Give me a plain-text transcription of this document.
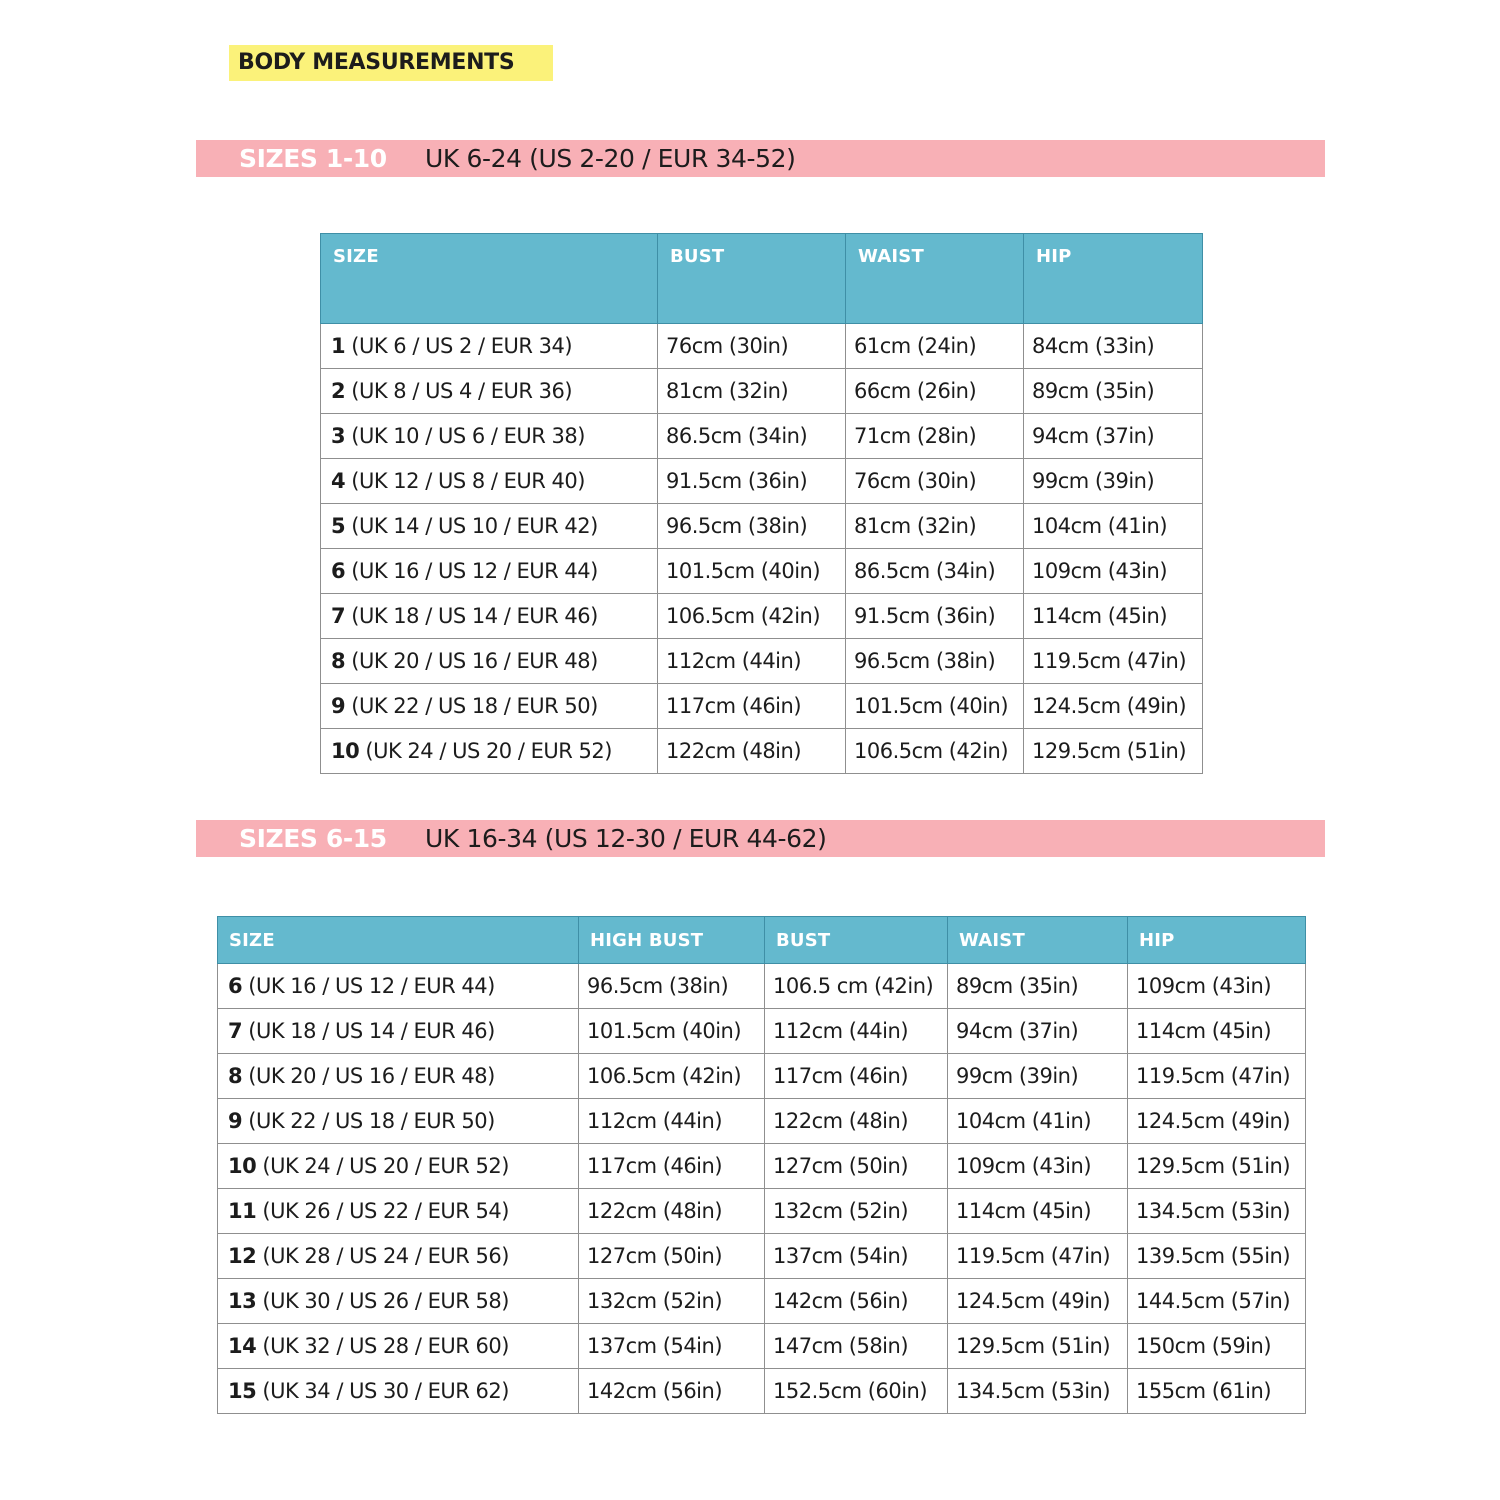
BODY MEASUREMENTS
SIZES 1-10 UK 6-24 (US 2-20 / EUR 34-52)
SIZE	BUST	WAIST	HIP
1 (UK 6 / US 2 / EUR 34)	76cm (30in)	61cm (24in)	84cm (33in)
2 (UK 8 / US 4 / EUR 36)	81cm (32in)	66cm (26in)	89cm (35in)
3 (UK 10 / US 6 / EUR 38)	86.5cm (34in)	71cm (28in)	94cm (37in)
4 (UK 12 / US 8 / EUR 40)	91.5cm (36in)	76cm (30in)	99cm (39in)
5 (UK 14 / US 10 / EUR 42)	96.5cm (38in)	81cm (32in)	104cm (41in)
6 (UK 16 / US 12 / EUR 44)	101.5cm (40in)	86.5cm (34in)	109cm (43in)
7 (UK 18 / US 14 / EUR 46)	106.5cm (42in)	91.5cm (36in)	114cm (45in)
8 (UK 20 / US 16 / EUR 48)	112cm (44in)	96.5cm (38in)	119.5cm (47in)
9 (UK 22 / US 18 / EUR 50)	117cm (46in)	101.5cm (40in)	124.5cm (49in)
10 (UK 24 / US 20 / EUR 52)	122cm (48in)	106.5cm (42in)	129.5cm (51in)
SIZES 6-15 UK 16-34 (US 12-30 / EUR 44-62)
SIZE	HIGH BUST	BUST	WAIST	HIP
6 (UK 16 / US 12 / EUR 44)	96.5cm (38in)	106.5 cm (42in)	89cm (35in)	109cm (43in)
7 (UK 18 / US 14 / EUR 46)	101.5cm (40in)	112cm (44in)	94cm (37in)	114cm (45in)
8 (UK 20 / US 16 / EUR 48)	106.5cm (42in)	117cm (46in)	99cm (39in)	119.5cm (47in)
9 (UK 22 / US 18 / EUR 50)	112cm (44in)	122cm (48in)	104cm (41in)	124.5cm (49in)
10 (UK 24 / US 20 / EUR 52)	117cm (46in)	127cm (50in)	109cm (43in)	129.5cm (51in)
11 (UK 26 / US 22 / EUR 54)	122cm (48in)	132cm (52in)	114cm (45in)	134.5cm (53in)
12 (UK 28 / US 24 / EUR 56)	127cm (50in)	137cm (54in)	119.5cm (47in)	139.5cm (55in)
13 (UK 30 / US 26 / EUR 58)	132cm (52in)	142cm (56in)	124.5cm (49in)	144.5cm (57in)
14 (UK 32 / US 28 / EUR 60)	137cm (54in)	147cm (58in)	129.5cm (51in)	150cm (59in)
15 (UK 34 / US 30 / EUR 62)	142cm (56in)	152.5cm (60in)	134.5cm (53in)	155cm (61in)
